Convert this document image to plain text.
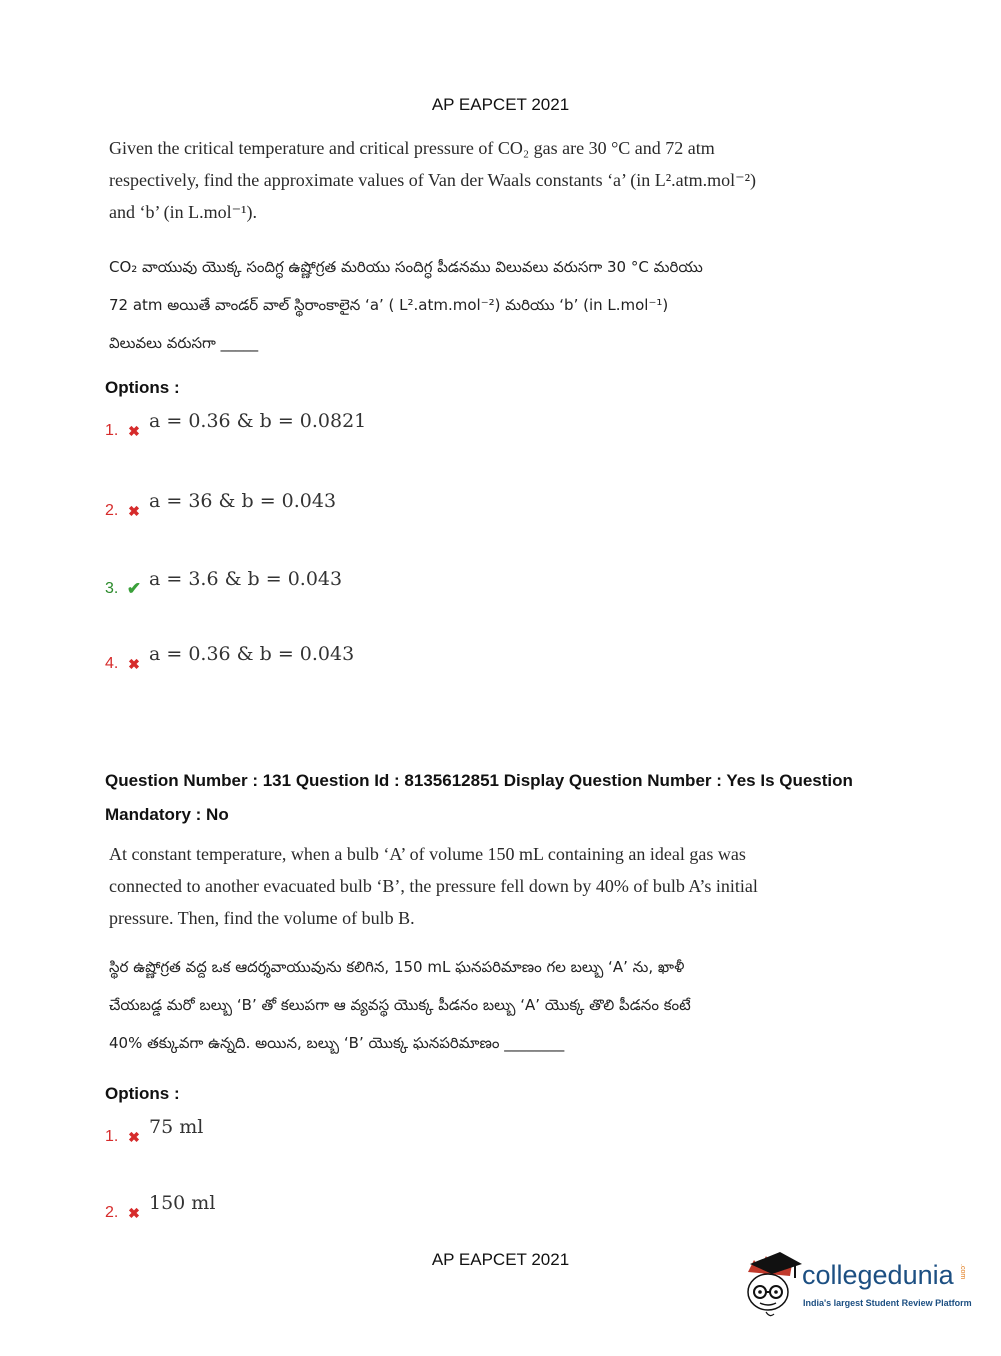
AP EAPCET 2021
Given the critical temperature and critical pressure of CO₂ gas are 30 °C and 72 atm
respectively, find the approximate values of Van der Waals constants ‘a’ (in L².atm.mol⁻²)
and ‘b’ (in L.mol⁻¹).
CO₂ వాయువు యొక్క సందిగ్ధ ఉష్ణోగ్రత మరియు సందిగ్ధ పీడనము విలువలు వరుసగా 30 °C మరియు
72 atm అయితే వాండర్ వాల్ స్థిరాంకాలైన ‘a’ ( L².atm.mol⁻²) మరియు ‘b’ (in L.mol⁻¹)
విలువలు వరుసగా _____
Options :
1. ✖ a = 0.36 & b = 0.0821
2. ✖ a = 36 & b = 0.043
3. ✔ a = 3.6 & b = 0.043
4. ✖ a = 0.36 & b = 0.043
Question Number : 131 Question Id : 8135612851 Display Question Number : Yes Is Question
Mandatory : No
At constant temperature, when a bulb ‘A’ of volume 150 mL containing an ideal gas was
connected to another evacuated bulb ‘B’, the pressure fell down by 40% of bulb A’s initial
pressure. Then, find the volume of bulb B.
స్థిర ఉష్ణోగ్రత వద్ద ఒక ఆదర్శవాయువును కలిగిన, 150 mL ఘనపరిమాణం గల బల్బు ‘A’ ను, ఖాళీ
చేయబడ్డ మరో బల్బు ‘B’ తో కలుపగా ఆ వ్యవస్థ యొక్క పీడనం బల్బు ‘A’ యొక్క తొలి పీడనం కంటే
40% తక్కువగా ఉన్నది. అయిన, బల్బు ‘B’ యొక్క ఘనపరిమాణం ________
Options :
1. ✖ 75 ml
2. ✖ 150 ml
AP EAPCET 2021
collegedunia .com
India's largest Student Review Platform
